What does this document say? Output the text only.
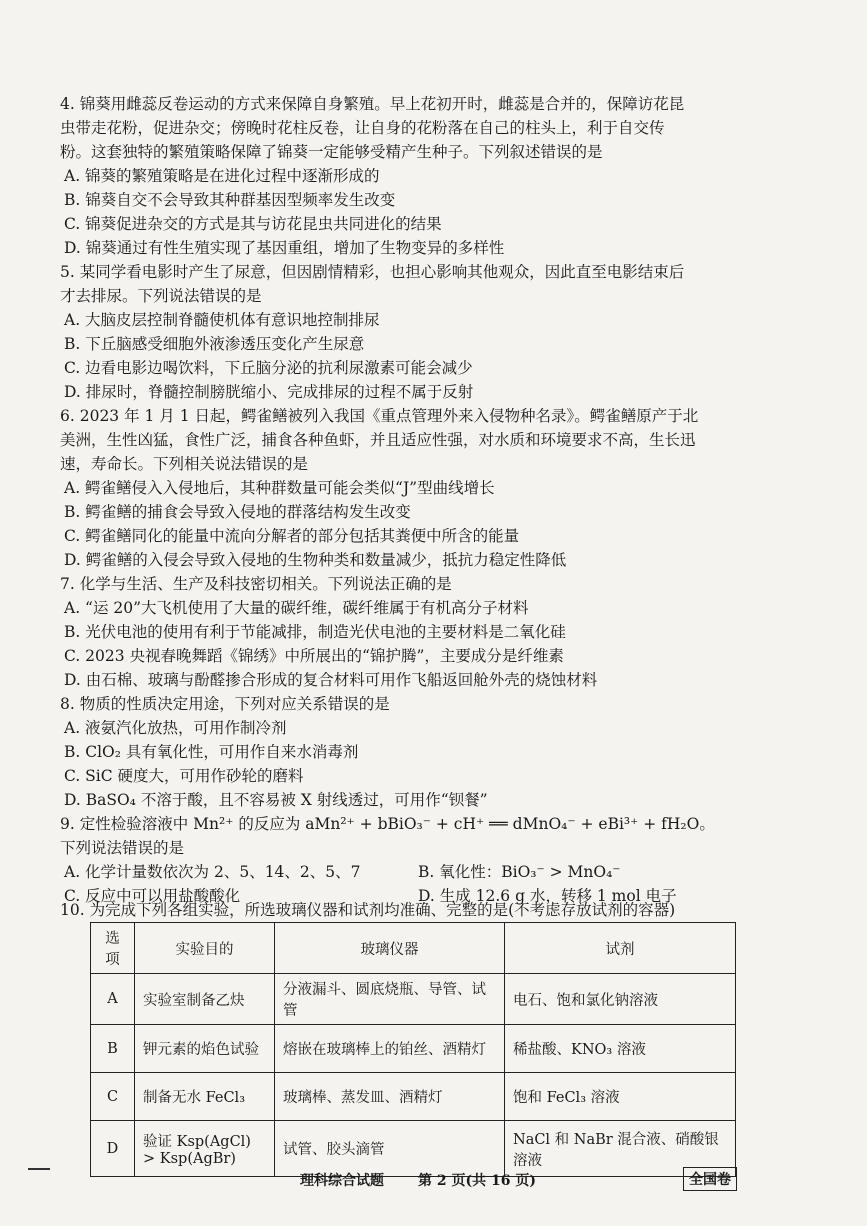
4. 锦葵用雌蕊反卷运动的方式来保障自身繁殖。早上花初开时，雌蕊是合并的，保障访花昆
虫带走花粉，促进杂交；傍晚时花柱反卷，让自身的花粉落在自己的柱头上，利于自交传
粉。这套独特的繁殖策略保障了锦葵一定能够受精产生种子。下列叙述错误的是
A. 锦葵的繁殖策略是在进化过程中逐渐形成的
B. 锦葵自交不会导致其种群基因型频率发生改变
C. 锦葵促进杂交的方式是其与访花昆虫共同进化的结果
D. 锦葵通过有性生殖实现了基因重组，增加了生物变异的多样性
5. 某同学看电影时产生了尿意，但因剧情精彩，也担心影响其他观众，因此直至电影结束后
才去排尿。下列说法错误的是
A. 大脑皮层控制脊髓使机体有意识地控制排尿
B. 下丘脑感受细胞外液渗透压变化产生尿意
C. 边看电影边喝饮料，下丘脑分泌的抗利尿激素可能会减少
D. 排尿时，脊髓控制膀胱缩小、完成排尿的过程不属于反射
6. 2023 年 1 月 1 日起，鳄雀鳝被列入我国《重点管理外来入侵物种名录》。鳄雀鳝原产于北
美洲，生性凶猛，食性广泛，捕食各种鱼虾，并且适应性强，对水质和环境要求不高，生长迅
速，寿命长。下列相关说法错误的是
A. 鳄雀鳝侵入入侵地后，其种群数量可能会类似“J”型曲线增长
B. 鳄雀鳝的捕食会导致入侵地的群落结构发生改变
C. 鳄雀鳝同化的能量中流向分解者的部分包括其粪便中所含的能量
D. 鳄雀鳝的入侵会导致入侵地的生物种类和数量减少，抵抗力稳定性降低
7. 化学与生活、生产及科技密切相关。下列说法正确的是
A. “运 20”大飞机使用了大量的碳纤维，碳纤维属于有机高分子材料
B. 光伏电池的使用有利于节能减排，制造光伏电池的主要材料是二氧化硅
C. 2023 央视春晚舞蹈《锦绣》中所展出的“锦护腾”，主要成分是纤维素
D. 由石棉、玻璃与酚醛掺合形成的复合材料可用作飞船返回舱外壳的烧蚀材料
8. 物质的性质决定用途，下列对应关系错误的是
A. 液氨汽化放热，可用作制冷剂
B. ClO₂ 具有氧化性，可用作自来水消毒剂
C. SiC 硬度大，可用作砂轮的磨料
D. BaSO₄ 不溶于酸，且不容易被 X 射线透过，可用作“钡餐”
9. 定性检验溶液中 Mn²⁺ 的反应为 aMn²⁺ + bBiO₃⁻ + cH⁺ ══ dMnO₄⁻ + eBi³⁺ + fH₂O。
下列说法错误的是
A. 化学计量数依次为 2、5、14、2、5、7	B. 氧化性：BiO₃⁻ > MnO₄⁻
C. 反应中可以用盐酸酸化	D. 生成 12.6 g 水，转移 1 mol 电子
10. 为完成下列各组实验，所选玻璃仪器和试剂均准确、完整的是(不考虑存放试剂的容器)
选项	实验目的	玻璃仪器	试剂
A	实验室制备乙炔	分液漏斗、圆底烧瓶、导管、试管	电石、饱和氯化钠溶液
B	钾元素的焰色试验	熔嵌在玻璃棒上的铂丝、酒精灯	稀盐酸、KNO₃ 溶液
C	制备无水 FeCl₃	玻璃棒、蒸发皿、酒精灯	饱和 FeCl₃ 溶液
D	验证 Ksp(AgCl) > Ksp(AgBr)	试管、胶头滴管	NaCl 和 NaBr 混合液、硝酸银溶液
理科综合试题 第 2 页(共 16 页)	全国卷
